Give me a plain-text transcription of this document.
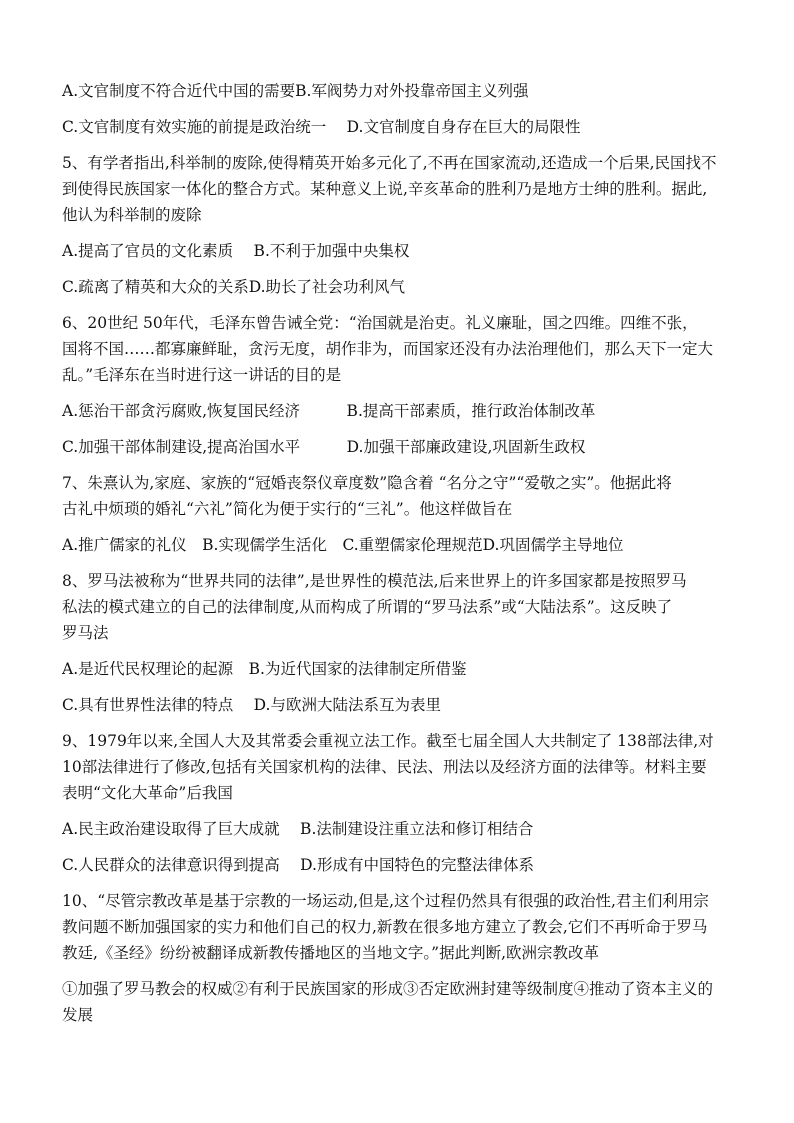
A.文官制度不符合近代中国的需要B.军阀势力对外投靠帝国主义列强
C.文官制度有效实施的前提是政治统一　 D.文官制度自身存在巨大的局限性
5、有学者指出,科举制的废除,使得精英开始多元化了,不再在国家流动,还造成一个后果,民国找不
到使得民族国家一体化的整合方式。某种意义上说,辛亥革命的胜利乃是地方士绅的胜利。据此,
他认为科举制的废除
A.提高了官员的文化素质　 B.不利于加强中央集权
C.疏离了精英和大众的关系D.助长了社会功利风气
6、20世纪 50年代，毛泽东曾告诫全党：“治国就是治吏。礼义廉耻，国之四维。四维不张，
国将不国……都寡廉鲜耻，贪污无度，胡作非为，而国家还没有办法治理他们，那么天下一定大
乱。”毛泽东在当时进行这一讲话的目的是
A.惩治干部贪污腐败,恢复国民经济　　　B.提高干部素质，推行政治体制改革
C.加强干部体制建设,提高治国水平　　　D.加强干部廉政建设,巩固新生政权
7、朱熹认为,家庭、家族的“冠婚丧祭仪章度数”隐含着 “名分之守”“爱敬之实”。他据此将
古礼中烦琐的婚礼“六礼”简化为便于实行的“三礼”。他这样做旨在
A.推广儒家的礼仪　B.实现儒学生活化　C.重塑儒家伦理规范D.巩固儒学主导地位
8、罗马法被称为“世界共同的法律”,是世界性的模范法,后来世界上的许多国家都是按照罗马
私法的模式建立的自己的法律制度,从而构成了所谓的“罗马法系”或“大陆法系”。这反映了
罗马法
A.是近代民权理论的起源　B.为近代国家的法律制定所借鉴
C.具有世界性法律的特点　 D.与欧洲大陆法系互为表里
9、1979年以来,全国人大及其常委会重视立法工作。截至七届全国人大共制定了 138部法律,对
10部法律进行了修改,包括有关国家机构的法律、民法、刑法以及经济方面的法律等。材料主要
表明“文化大革命”后我国
A.民主政治建设取得了巨大成就　 B.法制建设注重立法和修订相结合
C.人民群众的法律意识得到提高　 D.形成有中国特色的完整法律体系
10、“尽管宗教改革是基于宗教的一场运动,但是,这个过程仍然具有很强的政治性,君主们利用宗
教问题不断加强国家的实力和他们自己的权力,新教在很多地方建立了教会,它们不再听命于罗马
教廷,《圣经》纷纷被翻译成新教传播地区的当地文字。”据此判断,欧洲宗教改革
①加强了罗马教会的权威②有利于民族国家的形成③否定欧洲封建等级制度④推动了资本主义的
发展
